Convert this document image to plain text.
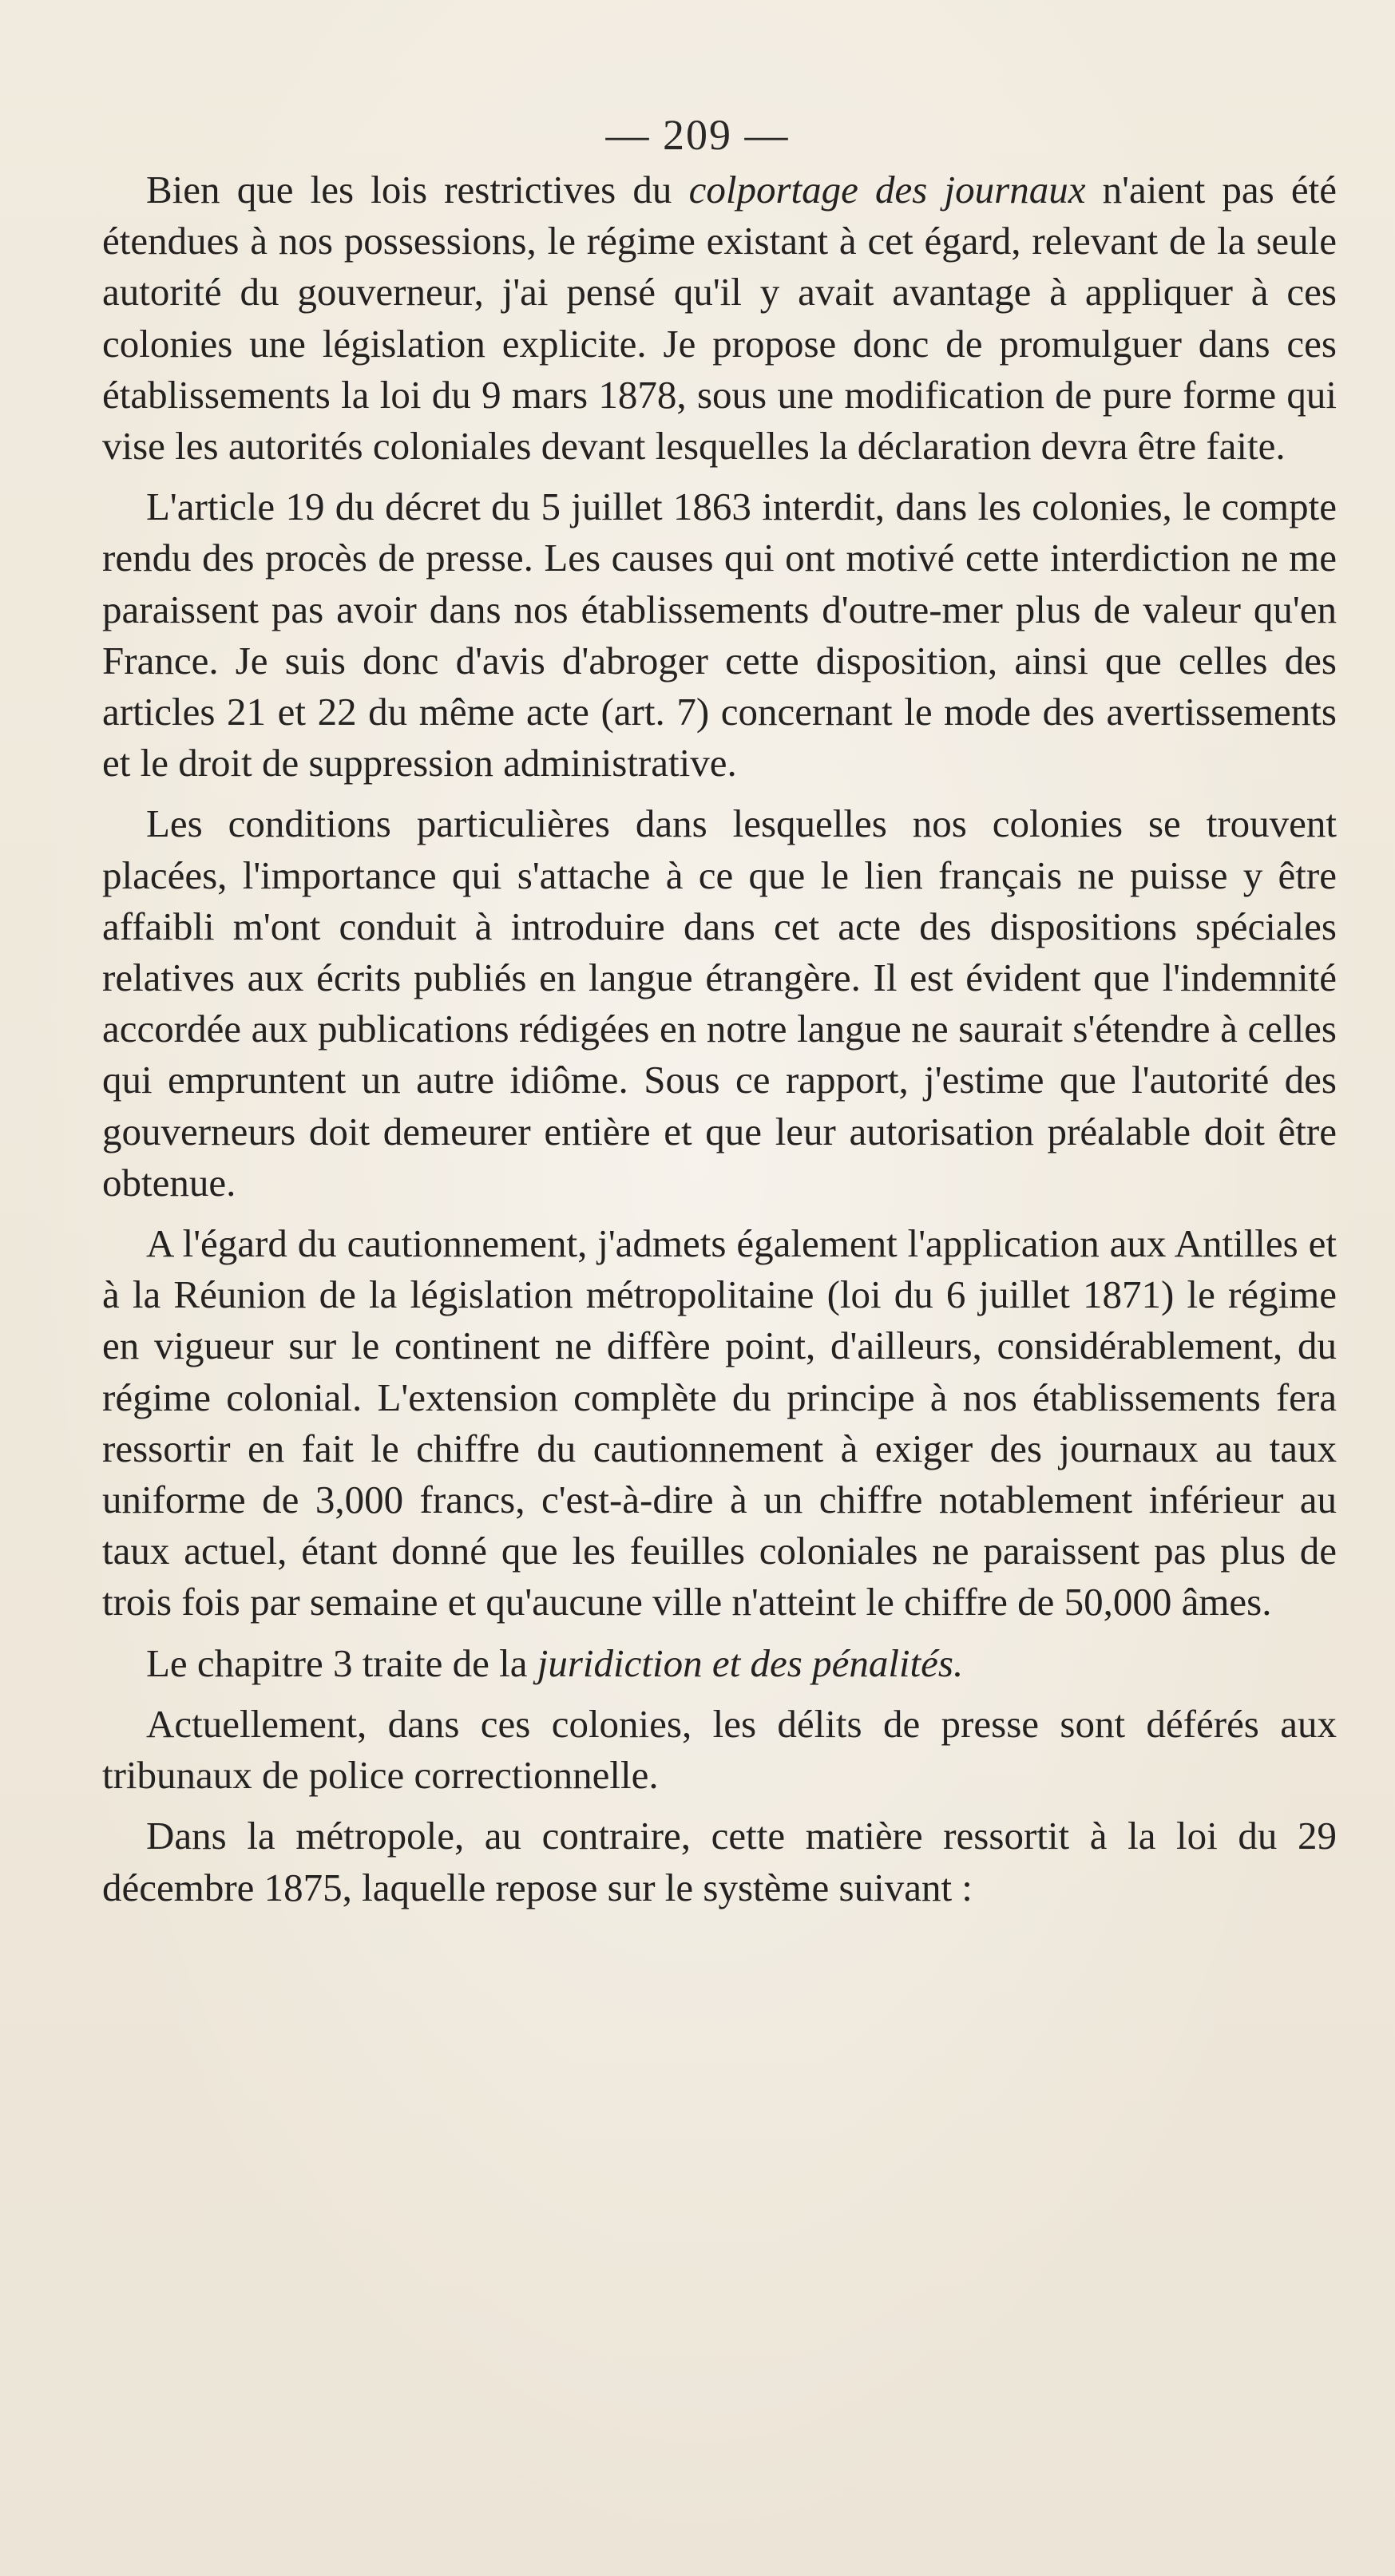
— 209 —

Bien que les lois restrictives du colportage des journaux n'aient pas été étendues à nos possessions, le régime existant à cet égard, relevant de la seule autorité du gouverneur, j'ai pensé qu'il y avait avantage à appliquer à ces colonies une législation explicite. Je propose donc de promulguer dans ces établissements la loi du 9 mars 1878, sous une modification de pure forme qui vise les autorités coloniales devant lesquelles la déclaration devra être faite.

L'article 19 du décret du 5 juillet 1863 interdit, dans les colonies, le compte rendu des procès de presse. Les causes qui ont motivé cette interdiction ne me paraissent pas avoir dans nos établissements d'outre-mer plus de valeur qu'en France. Je suis donc d'avis d'abroger cette disposition, ainsi que celles des articles 21 et 22 du même acte (art. 7) concernant le mode des avertissements et le droit de suppression administrative.

Les conditions particulières dans lesquelles nos colonies se trouvent placées, l'importance qui s'attache à ce que le lien français ne puisse y être affaibli m'ont conduit à introduire dans cet acte des dispositions spéciales relatives aux écrits publiés en langue étrangère. Il est évident que l'indemnité accordée aux publications rédigées en notre langue ne saurait s'étendre à celles qui empruntent un autre idiôme. Sous ce rapport, j'estime que l'autorité des gouverneurs doit demeurer entière et que leur autorisation préalable doit être obtenue.

A l'égard du cautionnement, j'admets également l'application aux Antilles et à la Réunion de la législation métropolitaine (loi du 6 juillet 1871) le régime en vigueur sur le continent ne diffère point, d'ailleurs, considérablement, du régime colonial. L'extension complète du principe à nos établissements fera ressortir en fait le chiffre du cautionnement à exiger des journaux au taux uniforme de 3,000 francs, c'est-à-dire à un chiffre notablement inférieur au taux actuel, étant donné que les feuilles coloniales ne paraissent pas plus de trois fois par semaine et qu'aucune ville n'atteint le chiffre de 50,000 âmes.

Le chapitre 3 traite de la juridiction et des pénalités.

Actuellement, dans ces colonies, les délits de presse sont déférés aux tribunaux de police correctionnelle.

Dans la métropole, au contraire, cette matière ressortit à la loi du 29 décembre 1875, laquelle repose sur le système suivant :
